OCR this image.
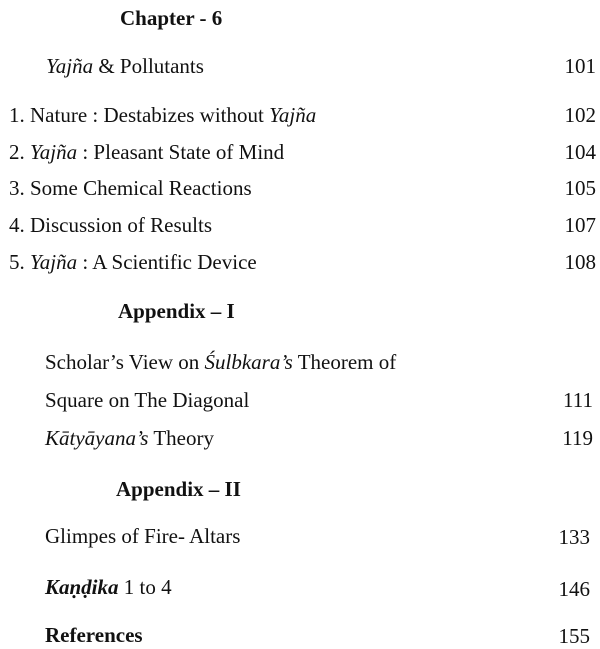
Chapter - 6
Yajña & Pollutants	101
1. Nature : Destabizes without Yajña	102
2. Yajña : Pleasant State of Mind	104
3. Some Chemical Reactions	105
4. Discussion of Results	107
5. Yajña : A Scientific Device	108
Appendix – I
Scholar’s View on Śulbkara’s Theorem of
Square on The Diagonal	111
Kātyāyana’s Theory	119
Appendix – II
Glimpes of Fire- Altars	133
Kaṇḍika 1 to 4	146
References	155
